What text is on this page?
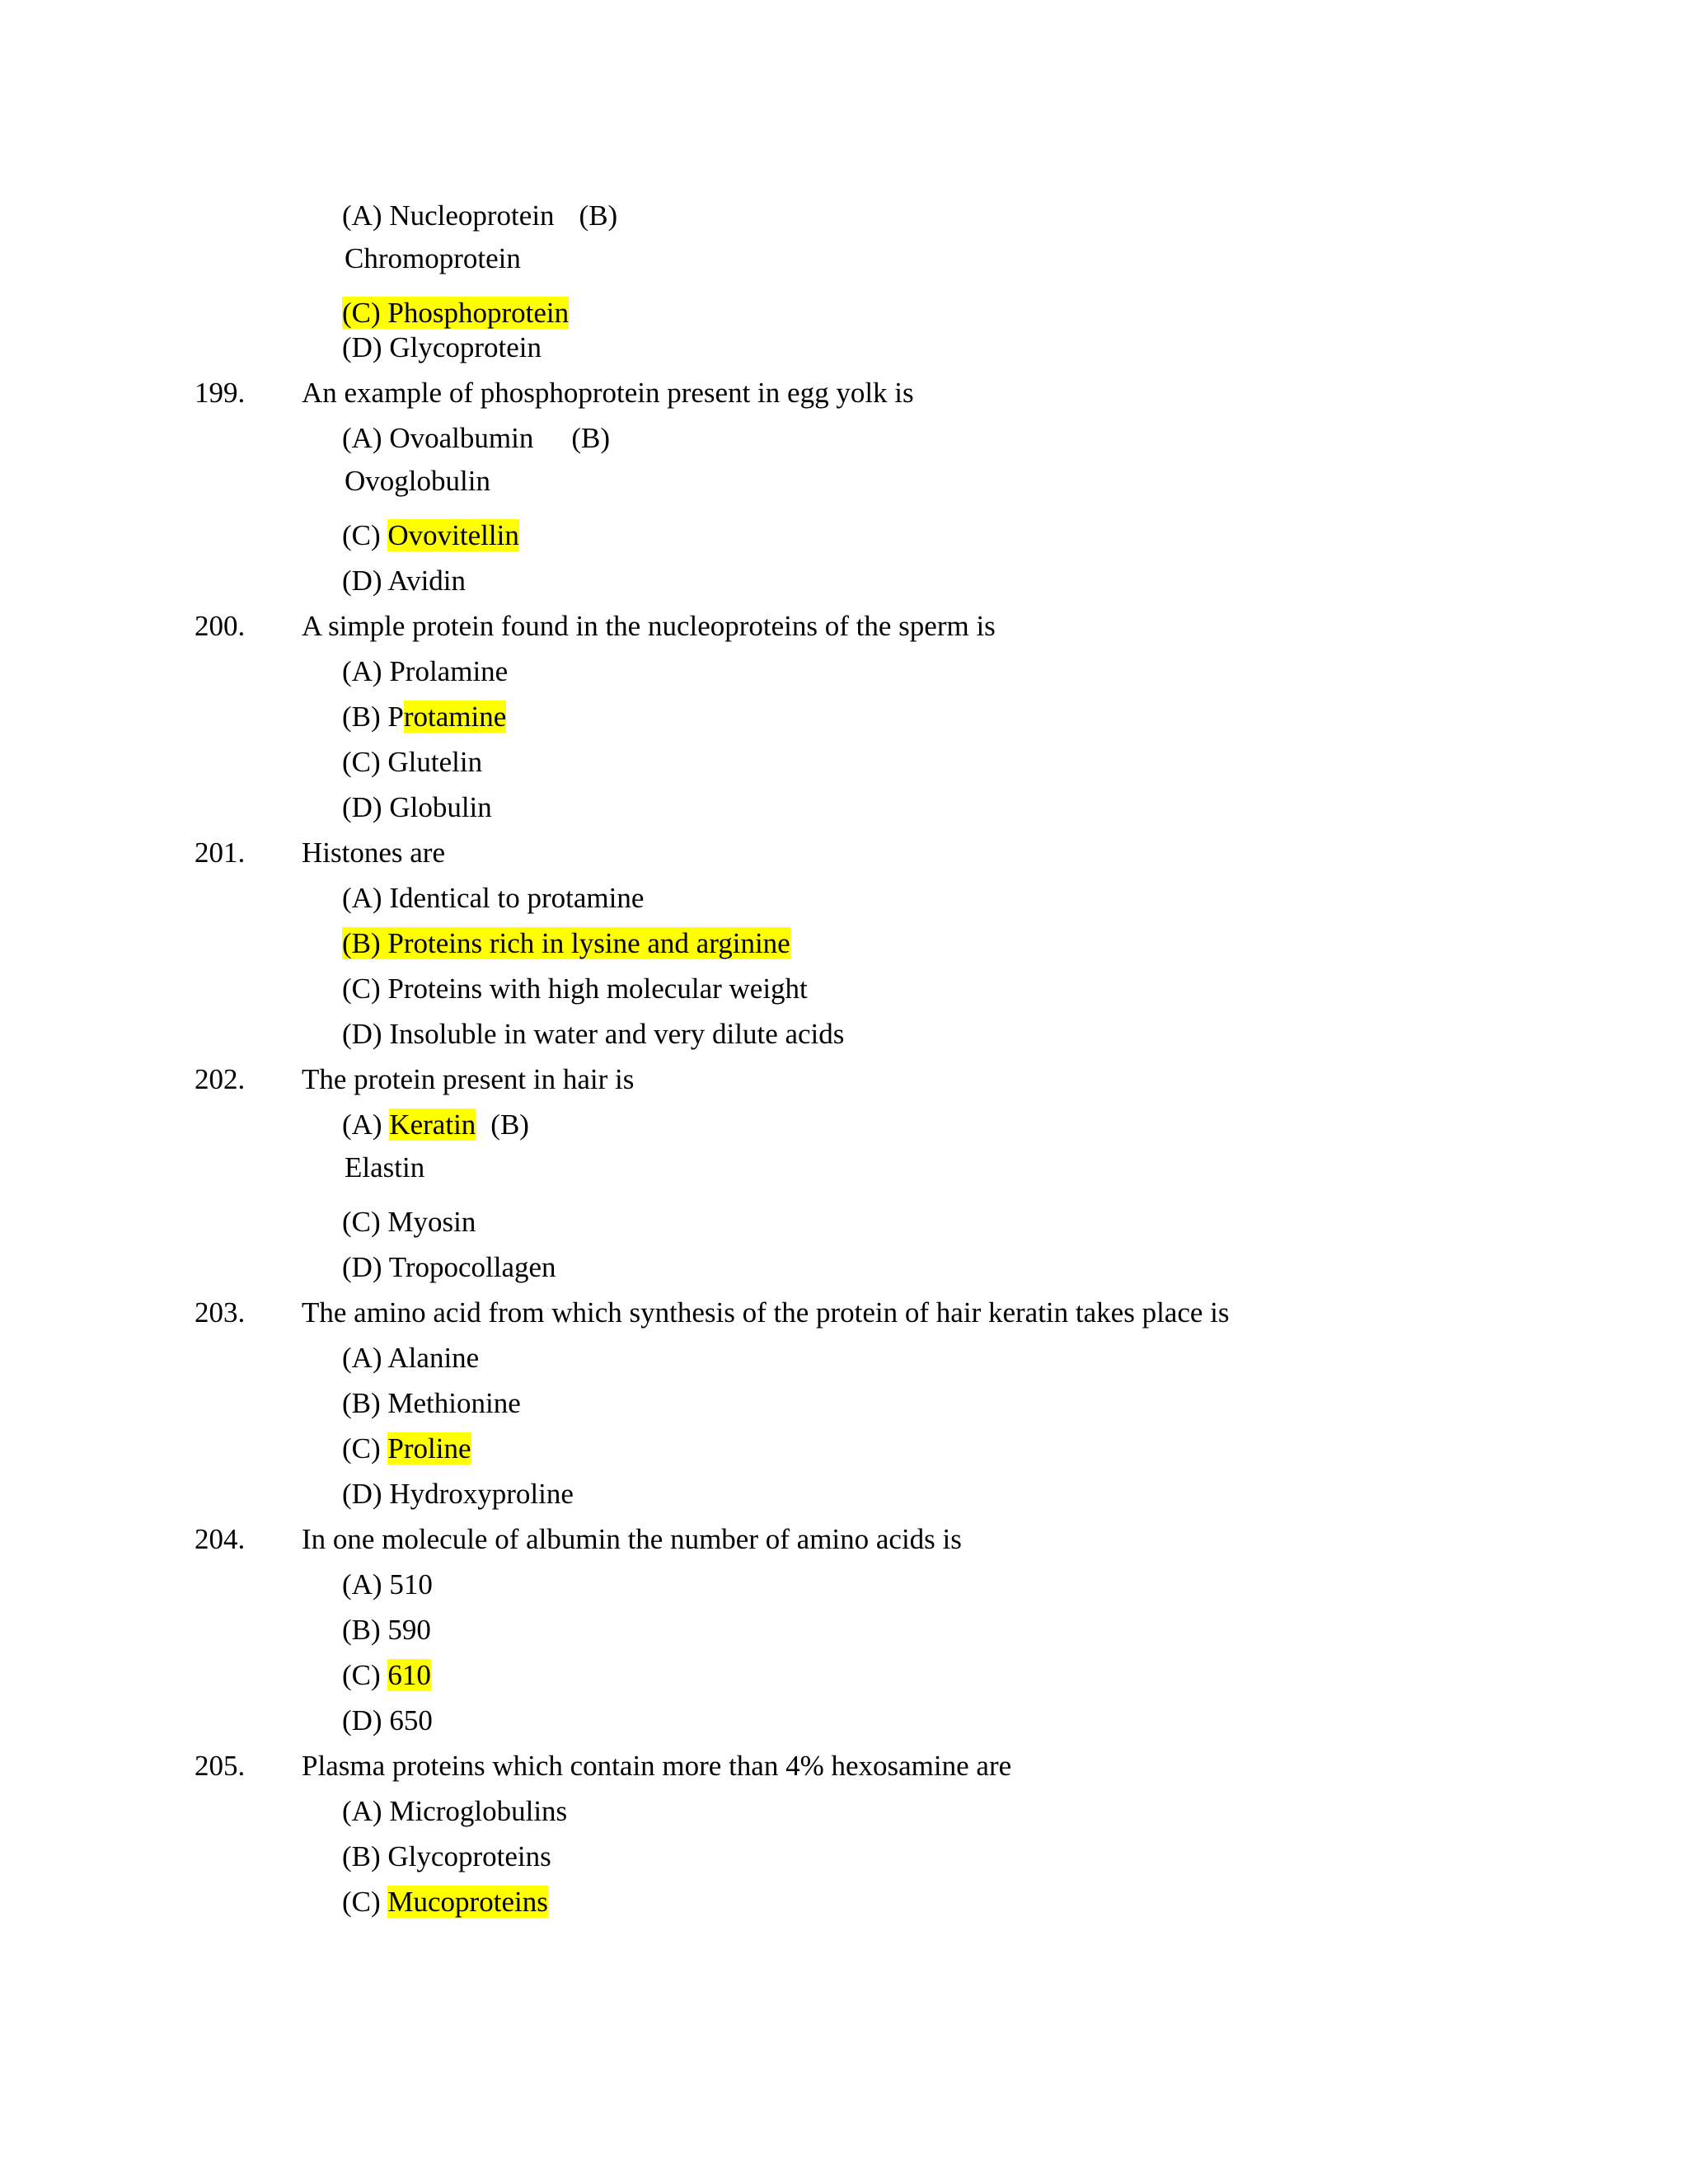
(A) Nucleoprotein (B)
Chromoprotein
(C) Phosphoprotein
(D) Glycoprotein
199. An example of phosphoprotein present in egg yolk is
(A) Ovoalbumin (B)
Ovoglobulin
(C) Ovovitellin
(D) Avidin
200. A simple protein found in the nucleoproteins of the sperm is
(A) Prolamine
(B) Protamine
(C) Glutelin
(D) Globulin
201. Histones are
(A) Identical to protamine
(B) Proteins rich in lysine and arginine
(C) Proteins with high molecular weight
(D) Insoluble in water and very dilute acids
202. The protein present in hair is
(A) Keratin (B)
Elastin
(C) Myosin
(D) Tropocollagen
203. The amino acid from which synthesis of the protein of hair keratin takes place is
(A) Alanine
(B) Methionine
(C) Proline
(D) Hydroxyproline
204. In one molecule of albumin the number of amino acids is
(A) 510
(B) 590
(C) 610
(D) 650
205. Plasma proteins which contain more than 4% hexosamine are
(A) Microglobulins
(B) Glycoproteins
(C) Mucoproteins
